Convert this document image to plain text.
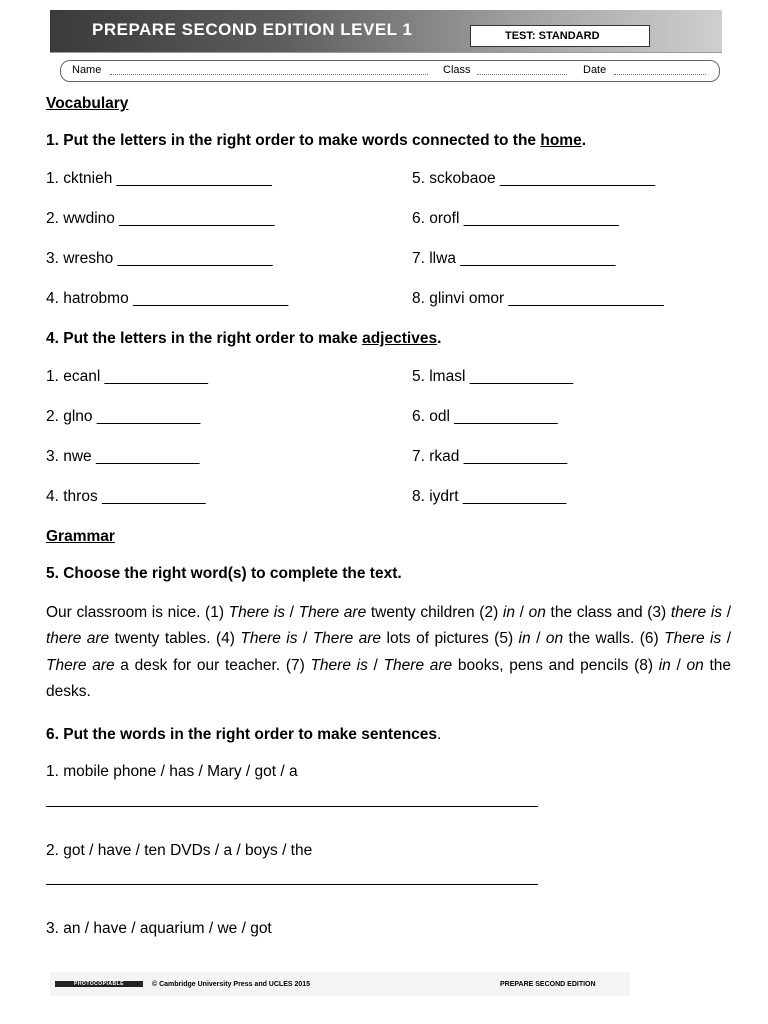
PREPARE SECOND EDITION LEVEL 1	TEST: STANDARD
Name	Class	Date
Vocabulary
1. Put the letters in the right order to make words connected to the home.
1. cktnieh __________________
2. wwdino __________________
3. wresho __________________
4. hatrobmo __________________
5. sckobaoe __________________
6. orofl __________________
7. llwa __________________
8. glinvi omor __________________
4. Put the letters in the right order to make adjectives.
1. ecanl ____________
2. glno ____________
3. nwe ____________
4. thros ____________
5. lmasl ____________
6. odl ____________
7. rkad ____________
8. iydrt ____________
Grammar
5. Choose the right word(s) to complete the text.
Our classroom is nice. (1) There is / There are twenty children (2) in / on the class and (3) there is / there are twenty tables. (4) There is / There are lots of pictures (5) in / on the walls. (6) There is / There are a desk for our teacher. (7) There is / There are books, pens and pencils (8) in / on the desks.
6. Put the words in the right order to make sentences.
1. mobile phone / has / Mary / got / a
2. got / have / ten DVDs / a / boys / the
3. an / have / aquarium / we / got
PHOTOCOPIABLE	© Cambridge University Press and UCLES 2015	PREPARE SECOND EDITION
